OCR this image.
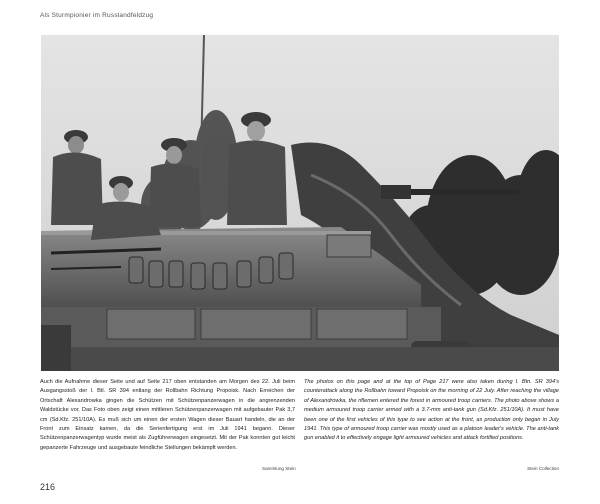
Als Sturmpionier im Russlandfeldzug
Auch die Aufnahme dieser Seite und auf Seite 217 oben entstanden am Morgen des 22. Juli beim Ausgangsstoß der I. Btl. SR 394 entlang der Rollbahn Richtung Propoisk. Nach Erreichen der Ortschaft Alexandrowka gingen die Schützen mit Schützenpanzerwagen in die angrenzenden Waldstücke vor. Das Foto oben zeigt einen mittleren Schützenpanzerwagen mit aufgebauter Pak 3,7 cm (Sd.Kfz. 251/10A). Es muß sich um einen der ersten Wagen dieser Bauart handeln, die an der Front zum Einsatz kamen, da die Serienfertigung erst im Juli 1941 begann. Dieser Schützenpanzerwagentyp wurde meist als Zugführerwagen eingesetzt. Mit der Pak konnten gut leicht gepanzerte Fahrzeuge und ausgebaute feindliche Stellungen bekämpft werden.
The photos on this page and at the top of Page 217 were also taken during I. Btn. SR 394's counterattack along the Rollbahn toward Propoisk on the morning of 22 July. After reaching the village of Alexandrowka, the riflemen entered the forest in armoured troop carriers. The photo above shows a medium armoured troop carrier armed with a 3.7-mm anti-tank gun (Sd.Kfz. 251/10A). It must have been one of the first vehicles of this type to see action at the front, as production only began in July 1941. This type of armoured troop carrier was mostly used as a platoon leader's vehicle. The anti-tank gun enabled it to effectively engage light armoured vehicles and attack fortified positions.
Sammlung Stein	Stein Collection
216
